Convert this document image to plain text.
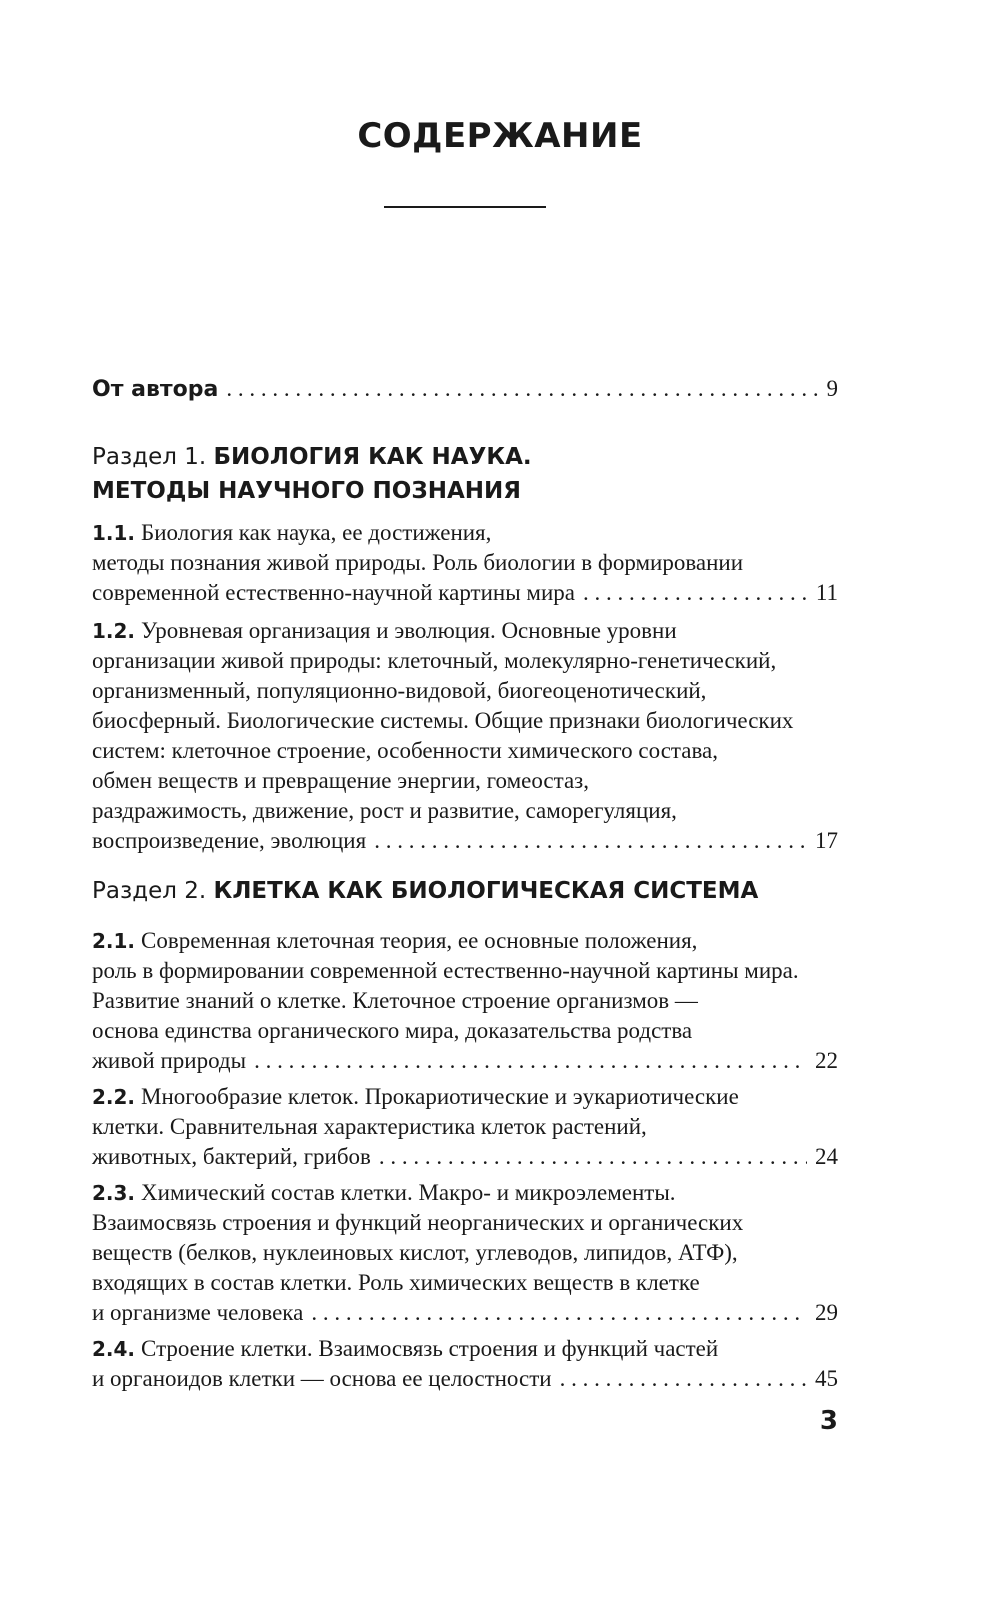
СОДЕРЖАНИЕ
От автора . . .	9
Раздел 1. БИОЛОГИЯ КАК НАУКА.
МЕТОДЫ НАУЧНОГО ПОЗНАНИЯ
1.1. Биология как наука, ее достижения,
методы познания живой природы. Роль биологии в формировании
современной естественно-научной картины мира . . .	11
1.2. Уровневая организация и эволюция. Основные уровни
организации живой природы: клеточный, молекулярно-генетический,
организменный, популяционно-видовой, биогеоценотический,
биосферный. Биологические системы. Общие признаки биологических
систем: клеточное строение, особенности химического состава,
обмен веществ и превращение энергии, гомеостаз,
раздражимость, движение, рост и развитие, саморегуляция,
воспроизведение, эволюция . . .	17
Раздел 2. КЛЕТКА КАК БИОЛОГИЧЕСКАЯ СИСТЕМА
2.1. Современная клеточная теория, ее основные положения,
роль в формировании современной естественно-научной картины мира.
Развитие знаний о клетке. Клеточное строение организмов —
основа единства органического мира, доказательства родства
живой природы . . .	22
2.2. Многообразие клеток. Прокариотические и эукариотические
клетки. Сравнительная характеристика клеток растений,
животных, бактерий, грибов . . .	24
2.3. Химический состав клетки. Макро- и микроэлементы.
Взаимосвязь строения и функций неорганических и органических
веществ (белков, нуклеиновых кислот, углеводов, липидов, АТФ),
входящих в состав клетки. Роль химических веществ в клетке
и организме человека . . .	29
2.4. Строение клетки. Взаимосвязь строения и функций частей
и органоидов клетки — основа ее целостности . . .	45
3
